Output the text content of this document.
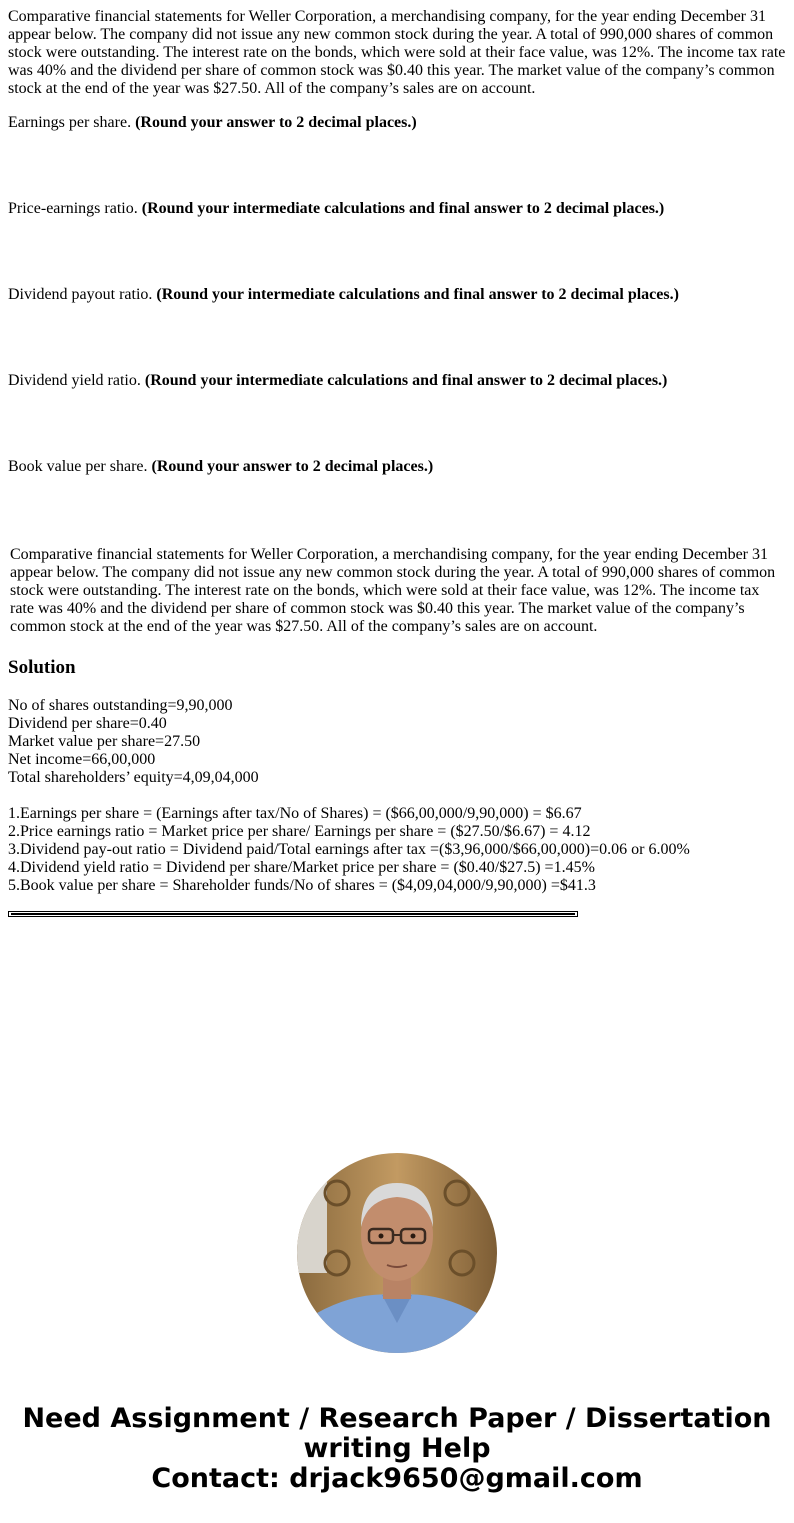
Comparative financial statements for Weller Corporation, a merchandising company, for the year ending December 31 appear below. The company did not issue any new common stock during the year. A total of 990,000 shares of common stock were outstanding. The interest rate on the bonds, which were sold at their face value, was 12%. The income tax rate was 40% and the dividend per share of common stock was $0.40 this year. The market value of the company’s common stock at the end of the year was $27.50. All of the company’s sales are on account.

Earnings per share. (Round your answer to 2 decimal places.)

Price-earnings ratio. (Round your intermediate calculations and final answer to 2 decimal places.)

Dividend payout ratio. (Round your intermediate calculations and final answer to 2 decimal places.)

Dividend yield ratio. (Round your intermediate calculations and final answer to 2 decimal places.)

Book value per share. (Round your answer to 2 decimal places.)

Comparative financial statements for Weller Corporation, a merchandising company, for the year ending December 31 appear below. The company did not issue any new common stock during the year. A total of 990,000 shares of common stock were outstanding. The interest rate on the bonds, which were sold at their face value, was 12%. The income tax rate was 40% and the dividend per share of common stock was $0.40 this year. The market value of the company’s common stock at the end of the year was $27.50. All of the company’s sales are on account.

Solution
No of shares outstanding=9,90,000
Dividend per share=0.40
Market value per share=27.50
Net income=66,00,000
Total shareholders’ equity=4,09,04,000
1.Earnings per share = (Earnings after tax/No of Shares) = ($66,00,000/9,90,000) = $6.67
2.Price earnings ratio = Market price per share/ Earnings per share = ($27.50/$6.67) = 4.12
3.Dividend pay-out ratio = Dividend paid/Total earnings after tax =($3,96,000/$66,00,000)=0.06 or 6.00%
4.Dividend yield ratio = Dividend per share/Market price per share = ($0.40/$27.5) =1.45%
5.Book value per share = Shareholder funds/No of shares = ($4,09,04,000/9,90,000) =$41.3
Need Assignment / Research Paper / Dissertation
writing Help
Contact: drjack9650@gmail.com
